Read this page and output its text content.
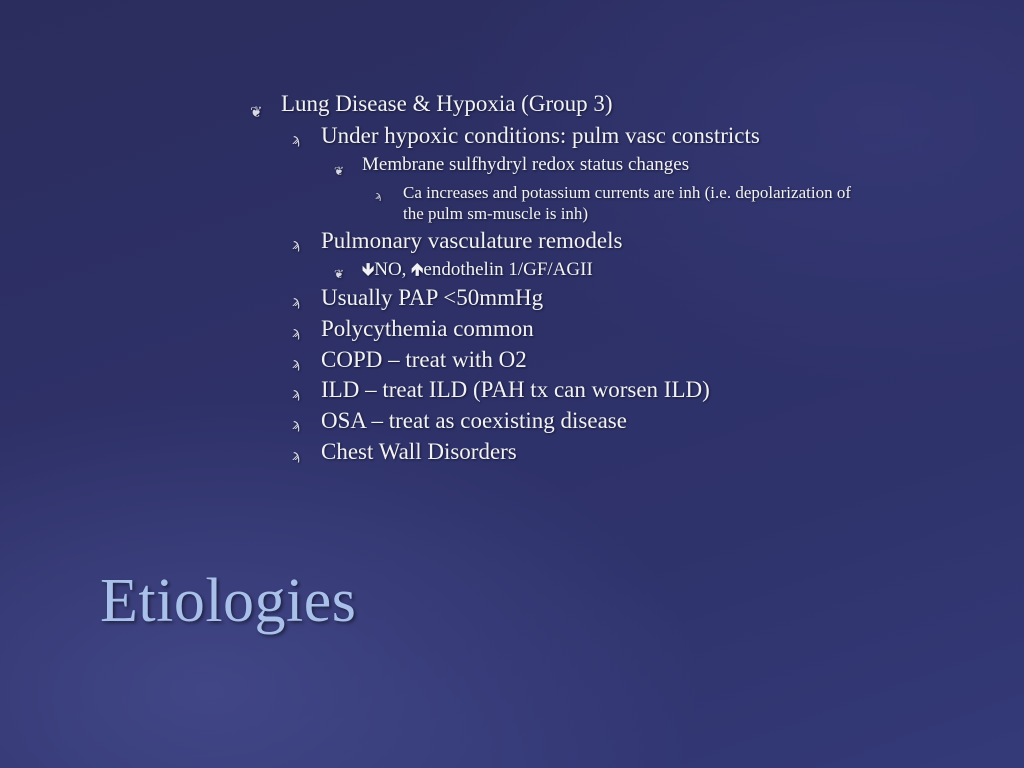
❦ Lung Disease & Hypoxia (Group 3)
ϡ Under hypoxic conditions: pulm vasc constricts
❦ Membrane sulfhydryl redox status changes
ϡ Ca increases and potassium currents are inh (i.e. depolarization of the pulm sm-muscle is inh)
ϡ Pulmonary vasculature remodels
❦ 🡻NO, 🡹endothelin 1/GF/AGII
ϡ Usually PAP <50mmHg
ϡ Polycythemia common
ϡ COPD – treat with O2
ϡ ILD – treat ILD (PAH tx can worsen ILD)
ϡ OSA – treat as coexisting disease
ϡ Chest Wall Disorders
Etiologies
